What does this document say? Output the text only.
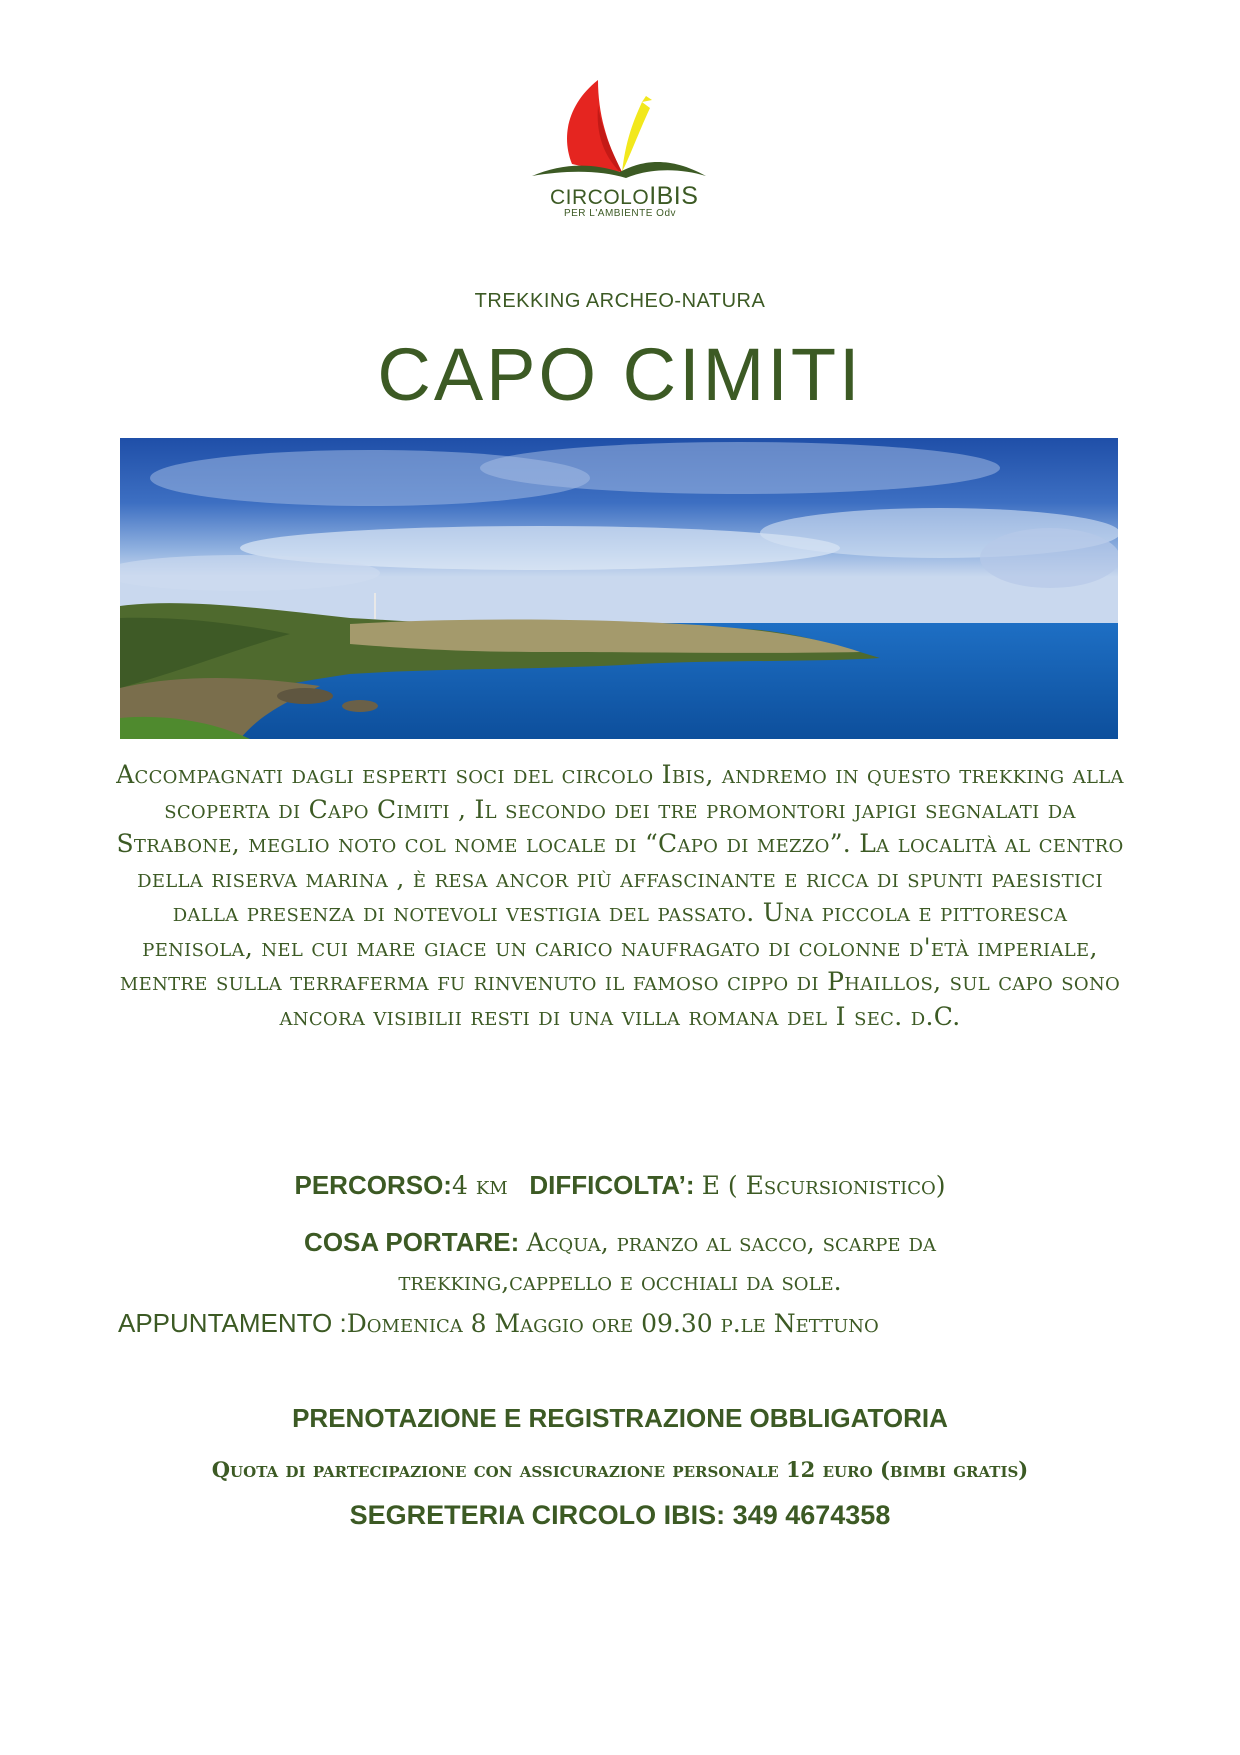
CIRCOLOIBIS
PER L'AMBIENTE Odv
TREKKING ARCHEO-NATURA
CAPO CIMITI
Accompagnati dagli esperti soci del circolo Ibis, andremo in questo trekking alla scoperta di Capo Cimiti , Il secondo dei tre promontori japigi segnalati da Strabone, meglio noto col nome locale di “Capo di mezzo”. La località al centro della riserva marina , è resa ancor più affascinante e ricca di spunti paesistici dalla presenza di notevoli vestigia del passato. Una piccola e pittoresca penisola, nel cui mare giace un carico naufragato di colonne d'età imperiale, mentre sulla terraferma fu rinvenuto il famoso cippo di Phaillos, sul capo sono ancora visibilii resti di una villa romana del I sec. d.C.
PERCORSO:4 km DIFFICOLTA’: E ( Escursionistico)
COSA PORTARE: Acqua, pranzo al sacco, scarpe da
trekking,cappello e occhiali da sole.
APPUNTAMENTO :Domenica 8 Maggio ore 09.30 p.le Nettuno
PRENOTAZIONE E REGISTRAZIONE OBBLIGATORIA
Quota di partecipazione con assicurazione personale 12 euro (bimbi gratis)
SEGRETERIA CIRCOLO IBIS: 349 4674358
